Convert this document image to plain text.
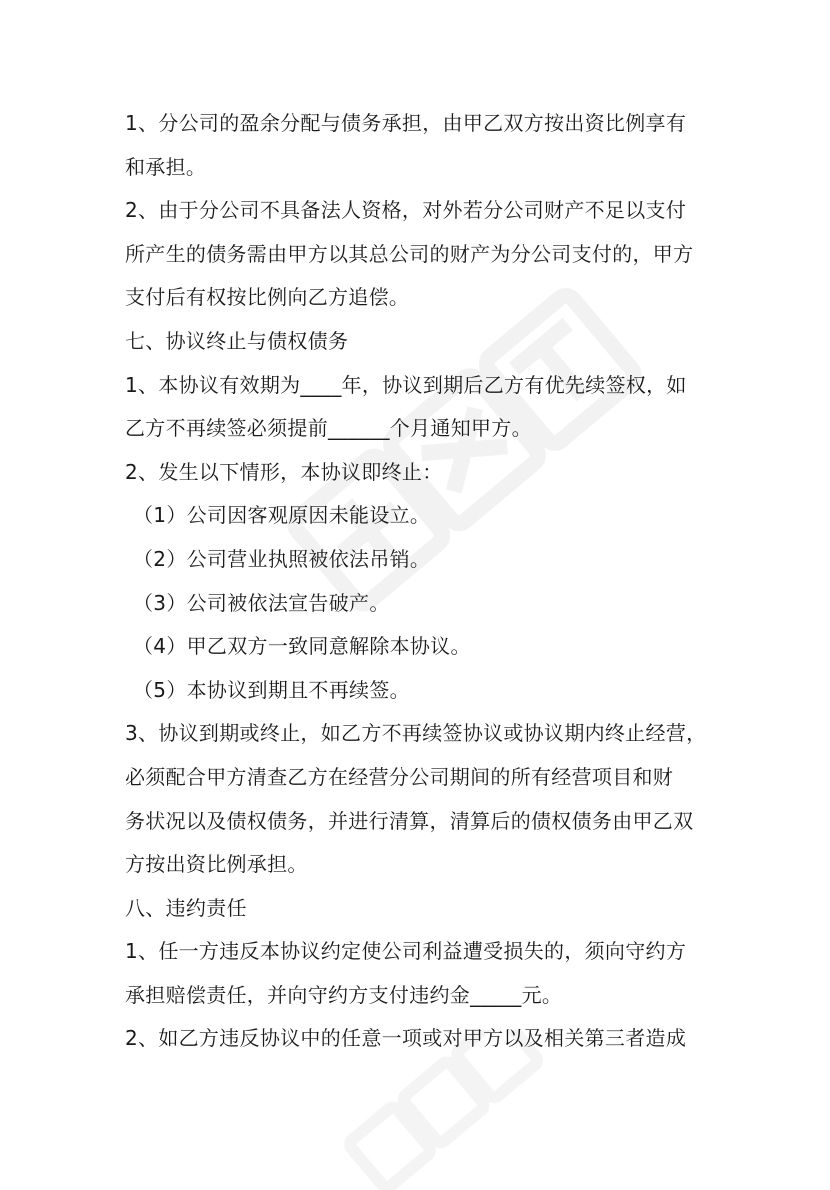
1、分公司的盈余分配与债务承担，由甲乙双方按出资比例享有
和承担。
2、由于分公司不具备法人资格，对外若分公司财产不足以支付
所产生的债务需由甲方以其总公司的财产为分公司支付的，甲方
支付后有权按比例向乙方追偿。
七、协议终止与债权债务
1、本协议有效期为____年，协议到期后乙方有优先续签权，如
乙方不再续签必须提前______个月通知甲方。
2、发生以下情形，本协议即终止：
（1）公司因客观原因未能设立。
（2）公司营业执照被依法吊销。
（3）公司被依法宣告破产。
（4）甲乙双方一致同意解除本协议。
（5）本协议到期且不再续签。
3、协议到期或终止，如乙方不再续签协议或协议期内终止经营，
必须配合甲方清查乙方在经营分公司期间的所有经营项目和财
务状况以及债权债务，并进行清算，清算后的债权债务由甲乙双
方按出资比例承担。
八、违约责任
1、任一方违反本协议约定使公司利益遭受损失的，须向守约方
承担赔偿责任，并向守约方支付违约金_____元。
2、如乙方违反协议中的任意一项或对甲方以及相关第三者造成
